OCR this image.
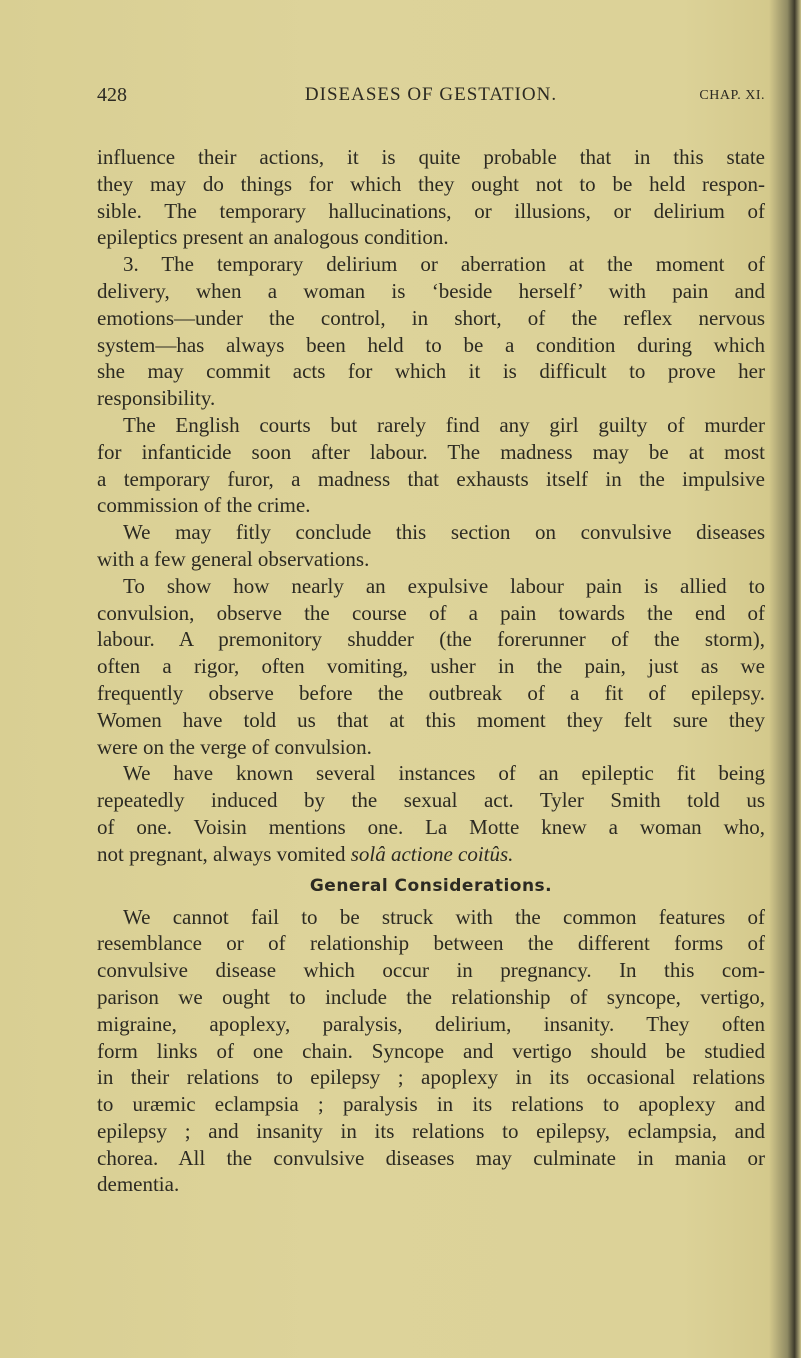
428	DISEASES OF GESTATION.	CHAP. XI.
influence their actions, it is quite probable that in this state
they may do things for which they ought not to be held respon-
sible. The temporary hallucinations, or illusions, or delirium of
epileptics present an analogous condition.
3. The temporary delirium or aberration at the moment of
delivery, when a woman is ‘beside herself’ with pain and
emotions—under the control, in short, of the reflex nervous
system—has always been held to be a condition during which
she may commit acts for which it is difficult to prove her
responsibility.
The English courts but rarely find any girl guilty of murder
for infanticide soon after labour. The madness may be at most
a temporary furor, a madness that exhausts itself in the impulsive
commission of the crime.
We may fitly conclude this section on convulsive diseases
with a few general observations.
To show how nearly an expulsive labour pain is allied to
convulsion, observe the course of a pain towards the end of
labour. A premonitory shudder (the forerunner of the storm),
often a rigor, often vomiting, usher in the pain, just as we
frequently observe before the outbreak of a fit of epilepsy.
Women have told us that at this moment they felt sure they
were on the verge of convulsion.
We have known several instances of an epileptic fit being
repeatedly induced by the sexual act. Tyler Smith told us
of one. Voisin mentions one. La Motte knew a woman who,
not pregnant, always vomited solâ actione coitûs.
General Considerations.
We cannot fail to be struck with the common features of
resemblance or of relationship between the different forms of
convulsive disease which occur in pregnancy. In this com-
parison we ought to include the relationship of syncope, vertigo,
migraine, apoplexy, paralysis, delirium, insanity. They often
form links of one chain. Syncope and vertigo should be studied
in their relations to epilepsy ; apoplexy in its occasional relations
to uræmic eclampsia ; paralysis in its relations to apoplexy and
epilepsy ; and insanity in its relations to epilepsy, eclampsia, and
chorea. All the convulsive diseases may culminate in mania or
dementia.
